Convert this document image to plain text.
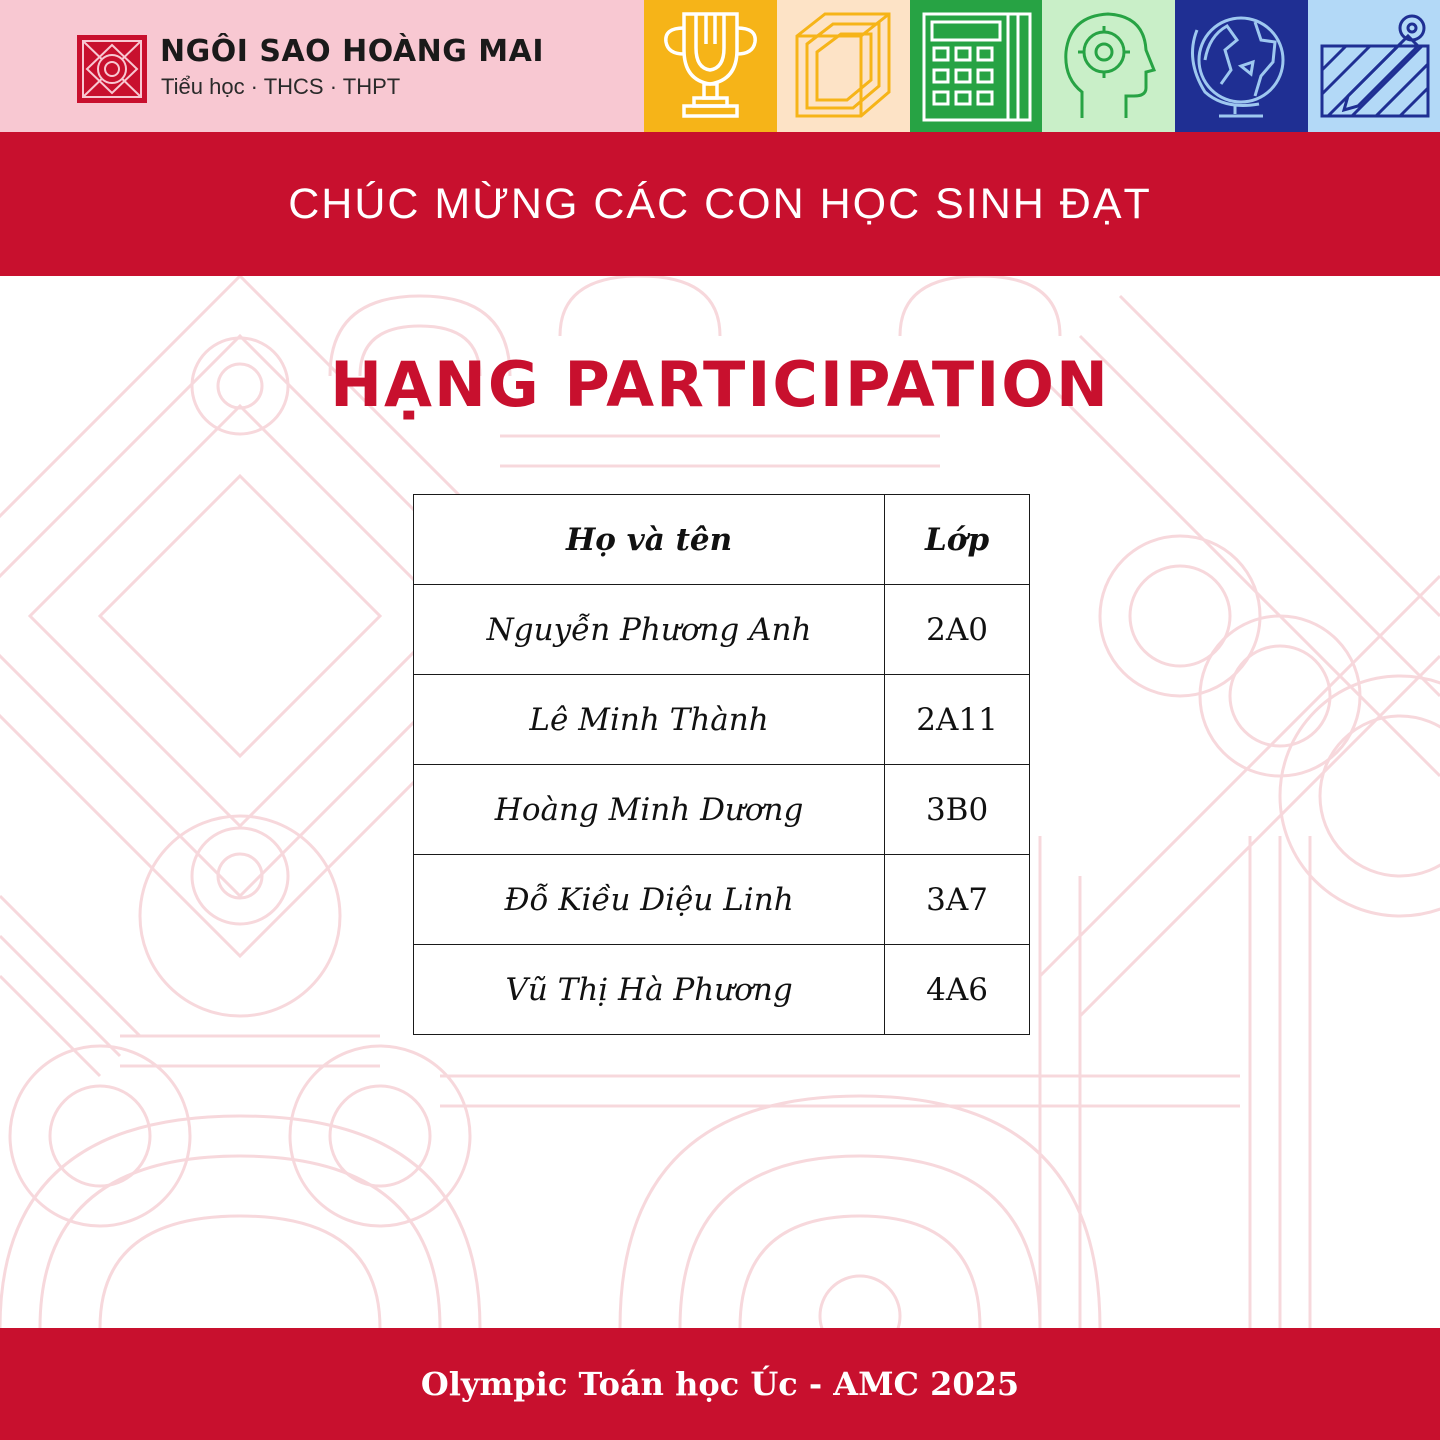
NGÔI SAO HOÀNG MAI
Tiểu học · THCS · THPT
CHÚC MỪNG CÁC CON HỌC SINH ĐẠT
HẠNG PARTICIPATION
Họ và tên	Lớp
Nguyễn Phương Anh	2A0
Lê Minh Thành	2A11
Hoàng Minh Dương	3B0
Đỗ Kiều Diệu Linh	3A7
Vũ Thị Hà Phương	4A6
Olympic Toán học Úc - AMC 2025
